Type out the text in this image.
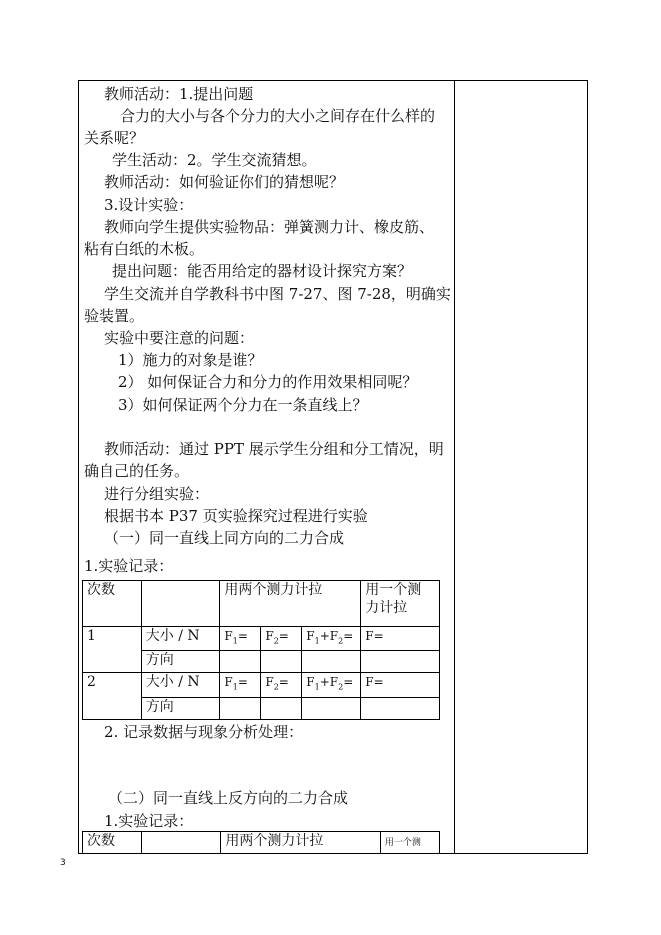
教师活动：1.提出问题
合力的大小与各个分力的大小之间存在什么样的
关系呢？
学生活动：2。学生交流猜想。
教师活动：如何验证你们的猜想呢？
3.设计实验：
教师向学生提供实验物品：弹簧测力计、橡皮筋、
粘有白纸的木板。
提出问题：能否用给定的器材设计探究方案？
学生交流并自学教科书中图 7-27、图 7-28，明确实
验装置。
实验中要注意的问题：
1）施力的对象是谁？
2） 如何保证合力和分力的作用效果相同呢？
3）如何保证两个分力在一条直线上？
教师活动：通过 PPT 展示学生分组和分工情况，明
确自己的任务。
进行分组实验：
根据书本 P37 页实验探究过程进行实验
（一）同一直线上同方向的二力合成
1.实验记录：
次数		用两个测力计拉			用一个测力计拉
1	大小 / N	$F_1=$	$F_2=$	$F_1+F_2=$	F=
	方向				
2	大小 / N	$F_1=$	$F_2=$	$F_1+F_2=$	F=
	方向				
2. 记录数据与现象分析处理：
（二）同一直线上反方向的二力合成
1.实验记录：
次数		用两个测力计拉	用一个测
3
